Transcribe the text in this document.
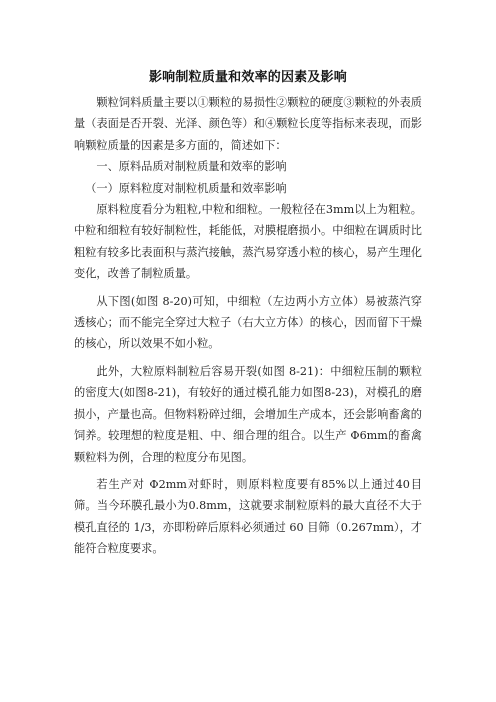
影响制粒质量和效率的因素及影响

颗粒饲料质量主要以①颗粒的易损性②颗粒的硬度③颗粒的外表质量（表面是否开裂、光泽、颜色等）和④颗粒长度等指标来表现，而影响颗粒质量的因素是多方面的，简述如下：

一、原料品质对制粒质量和效率的影响

（一）原料粒度对制粒机质量和效率影响

原料粒度看分为粗粒,中粒和细粒。一般粒径在3mm以上为粗粒。中粒和细粒有较好制粒性，耗能低，对膜棍磨损小。中细粒在调质时比粗粒有较多比表面积与蒸汽接触，蒸汽易穿透小粒的核心，易产生理化变化，改善了制粒质量。

从下图(如图 8-20)可知，中细粒（左边两小方立体）易被蒸汽穿透核心；而不能完全穿过大粒子（右大立方体）的核心，因而留下干燥的核心，所以效果不如小粒。

此外，大粒原料制粒后容易开裂(如图 8-21)：中细粒压制的颗粒的密度大(如图8-21)，有较好的通过模孔能力如图8-23)，对模孔的磨损小，产量也高。但物料粉碎过细，会增加生产成本，还会影响畜禽的饲养。较理想的粒度是粗、中、细合理的组合。以生产 Φ6mm的畜禽颗粒料为例，合理的粒度分布见图。

若生产对 Φ2mm对虾时，则原料粒度要有85%以上通过40目筛。当今环膜孔最小为0.8mm，这就要求制粒原料的最大直径不大于模孔直径的 1/3，亦即粉碎后原料必须通过 60 目筛（0.267mm），才能符合粒度要求。
